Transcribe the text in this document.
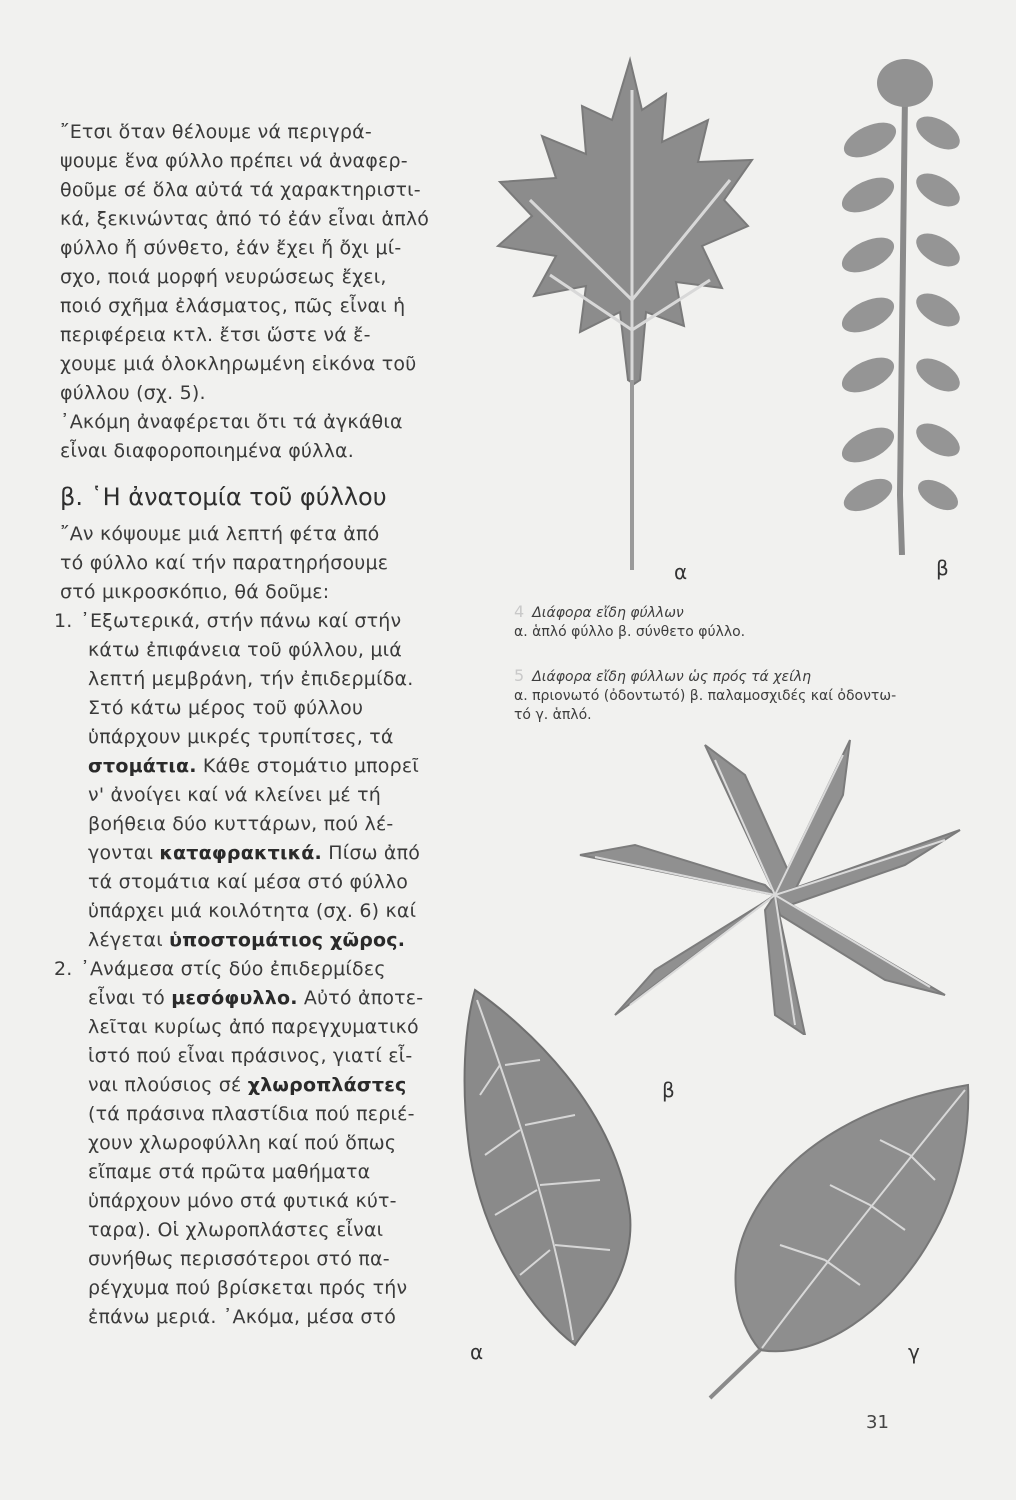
῎Ετσι ὅταν θέλουμε νά περιγρά-
ψουμε ἕνα φύλλο πρέπει νά ἀναφερ-
θοῦμε σέ ὅλα αὐτά τά χαρακτηριστι-
κά, ξεκινώντας ἀπό τό ἐάν εἶναι ἁπλό
φύλλο ἤ σύνθετο, ἐάν ἔχει ἤ ὄχι μί-
σχο, ποιά μορφή νευρώσεως ἔχει,
ποιό σχῆμα ἐλάσματος, πῶς εἶναι ἡ
περιφέρεια κτλ. ἔτσι ὥστε νά ἔ-
χουμε μιά ὁλοκληρωμένη εἰκόνα τοῦ
φύλλου (σχ. 5).
᾿Ακόμη ἀναφέρεται ὅτι τά ἀγκάθια
εἶναι διαφοροποιημένα φύλλα.
β. ῾Η ἀνατομία τοῦ φύλλου
῎Αν κόψουμε μιά λεπτή φέτα ἀπό
τό φύλλο καί τήν παρατηρήσουμε
στό μικροσκόπιο, θά δοῦμε:
1. ᾿Εξωτερικά, στήν πάνω καί στήν
κάτω ἐπιφάνεια τοῦ φύλλου, μιά
λεπτή μεμβράνη, τήν ἐπιδερμίδα.
Στό κάτω μέρος τοῦ φύλλου
ὑπάρχουν μικρές τρυπίτσες, τά
στομάτια. Κάθε στομάτιο μπορεῖ
ν' ἀνοίγει καί νά κλείνει μέ τή
βοήθεια δύο κυττάρων, πού λέ-
γονται καταφρακτικά. Πίσω ἀπό
τά στομάτια καί μέσα στό φύλλο
ὑπάρχει μιά κοιλότητα (σχ. 6) καί
λέγεται ὑποστομάτιος χῶρος.
2. ᾿Ανάμεσα στίς δύο ἐπιδερμίδες
εἶναι τό μεσόφυλλο. Αὐτό ἀποτε-
λεῖται κυρίως ἀπό παρεγχυματικό
ἱστό πού εἶναι πράσινος, γιατί εἶ-
ναι πλούσιος σέ χλωροπλάστες
(τά πράσινα πλαστίδια πού περιέ-
χουν χλωροφύλλη καί πού ὅπως
εἴπαμε στά πρῶτα μαθήματα
ὑπάρχουν μόνο στά φυτικά κύτ-
ταρα). Οἱ χλωροπλάστες εἶναι
συνήθως περισσότεροι στό πα-
ρέγχυμα πού βρίσκεται πρός τήν
ἐπάνω μεριά. ᾿Ακόμα, μέσα στό
α	β
4 Διάφορα εἴδη φύλλων
α. ἁπλό φύλλο β. σύνθετο φύλλο.
5 Διάφορα εἴδη φύλλων ὡς πρός τά χείλη
α. πριονωτό (ὀδοντωτό) β. παλαμοσχιδές καί ὀδοντω-
τό γ. ἁπλό.
β
α	γ
31
